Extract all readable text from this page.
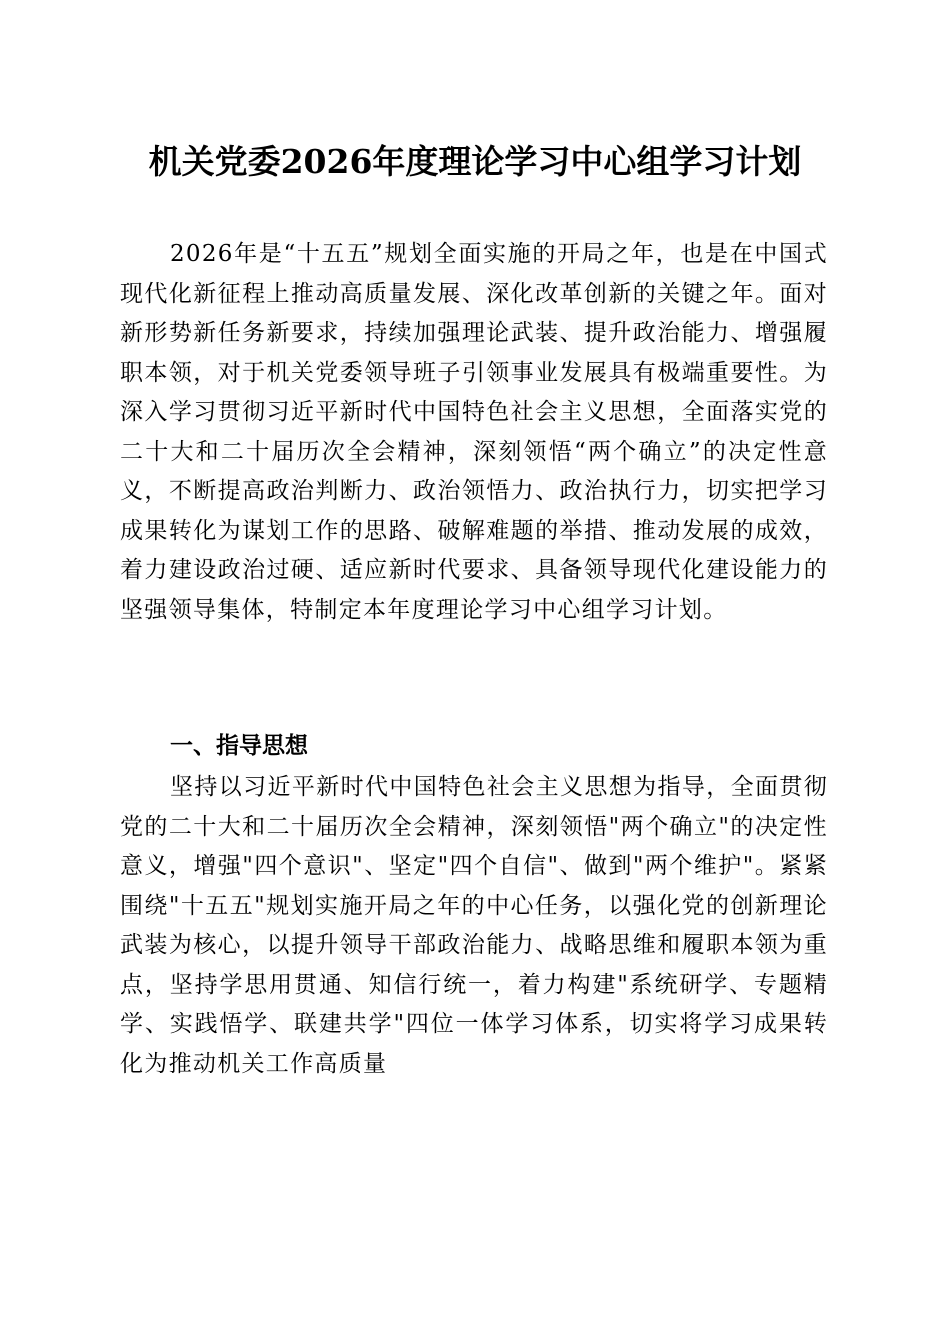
机关党委2026年度理论学习中心组学习计划

2026年是“十五五”规划全面实施的开局之年，也是在中国式现代化新征程上推动高质量发展、深化改革创新的关键之年。面对新形势新任务新要求，持续加强理论武装、提升政治能力、增强履职本领，对于机关党委领导班子引领事业发展具有极端重要性。为深入学习贯彻习近平新时代中国特色社会主义思想，全面落实党的二十大和二十届历次全会精神，深刻领悟“两个确立”的决定性意义，不断提高政治判断力、政治领悟力、政治执行力，切实把学习成果转化为谋划工作的思路、破解难题的举措、推动发展的成效，着力建设政治过硬、适应新时代要求、具备领导现代化建设能力的坚强领导集体，特制定本年度理论学习中心组学习计划。

一、指导思想

坚持以习近平新时代中国特色社会主义思想为指导，全面贯彻党的二十大和二十届历次全会精神，深刻领悟"两个确立"的决定性意义，增强"四个意识"、坚定"四个自信"、做到"两个维护"。紧紧围绕"十五五"规划实施开局之年的中心任务，以强化党的创新理论武装为核心，以提升领导干部政治能力、战略思维和履职本领为重点，坚持学思用贯通、知信行统一，着力构建"系统研学、专题精学、实践悟学、联建共学"四位一体学习体系，切实将学习成果转化为推动机关工作高质量
